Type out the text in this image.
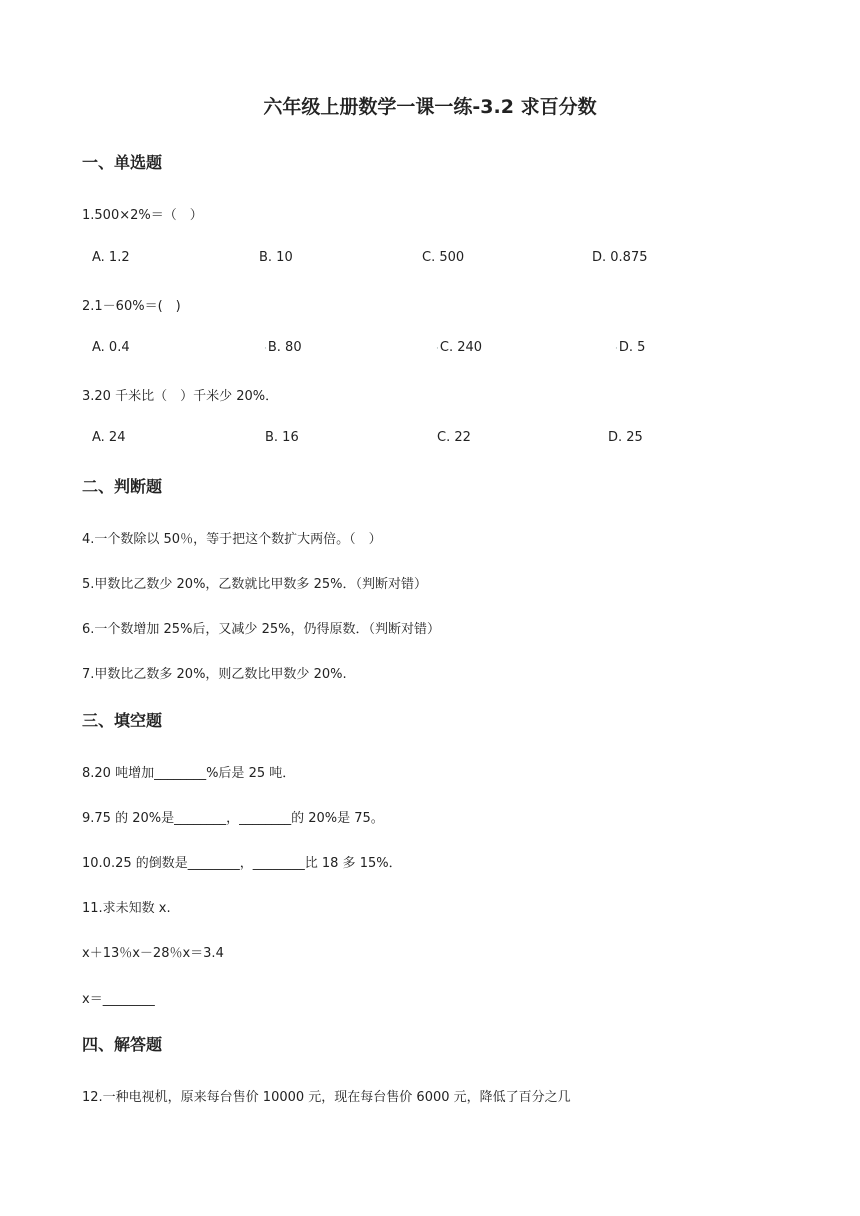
六年级上册数学一课一练-3.2 求百分数
一、单选题
1.500×2%＝（　）
A. 1.2	B. 10	C. 500	D. 0.875
2.1－60%＝(　)
A. 0.4	·B. 80	·C. 240	·D. 5
3.20 千米比（　）千米少 20%．
A. 24	B. 16	C. 22	D. 25
二、判断题
4.一个数除以 50％，等于把这个数扩大两倍。（　）
5.甲数比乙数少 20%，乙数就比甲数多 25%．（判断对错）
6.一个数增加 25%后，又减少 25%，仍得原数．（判断对错）
7.甲数比乙数多 20%，则乙数比甲数少 20%.
三、填空题
8.20 吨增加________%后是 25 吨．
9.75 的 20%是________，________的 20%是 75。
10.0.25 的倒数是________，________比 18 多 15%．
11.求未知数 x.
x＋13％x－28％x＝3.4
x＝________
四、解答题
12.一种电视机，原来每台售价 10000 元，现在每台售价 6000 元，降低了百分之几
